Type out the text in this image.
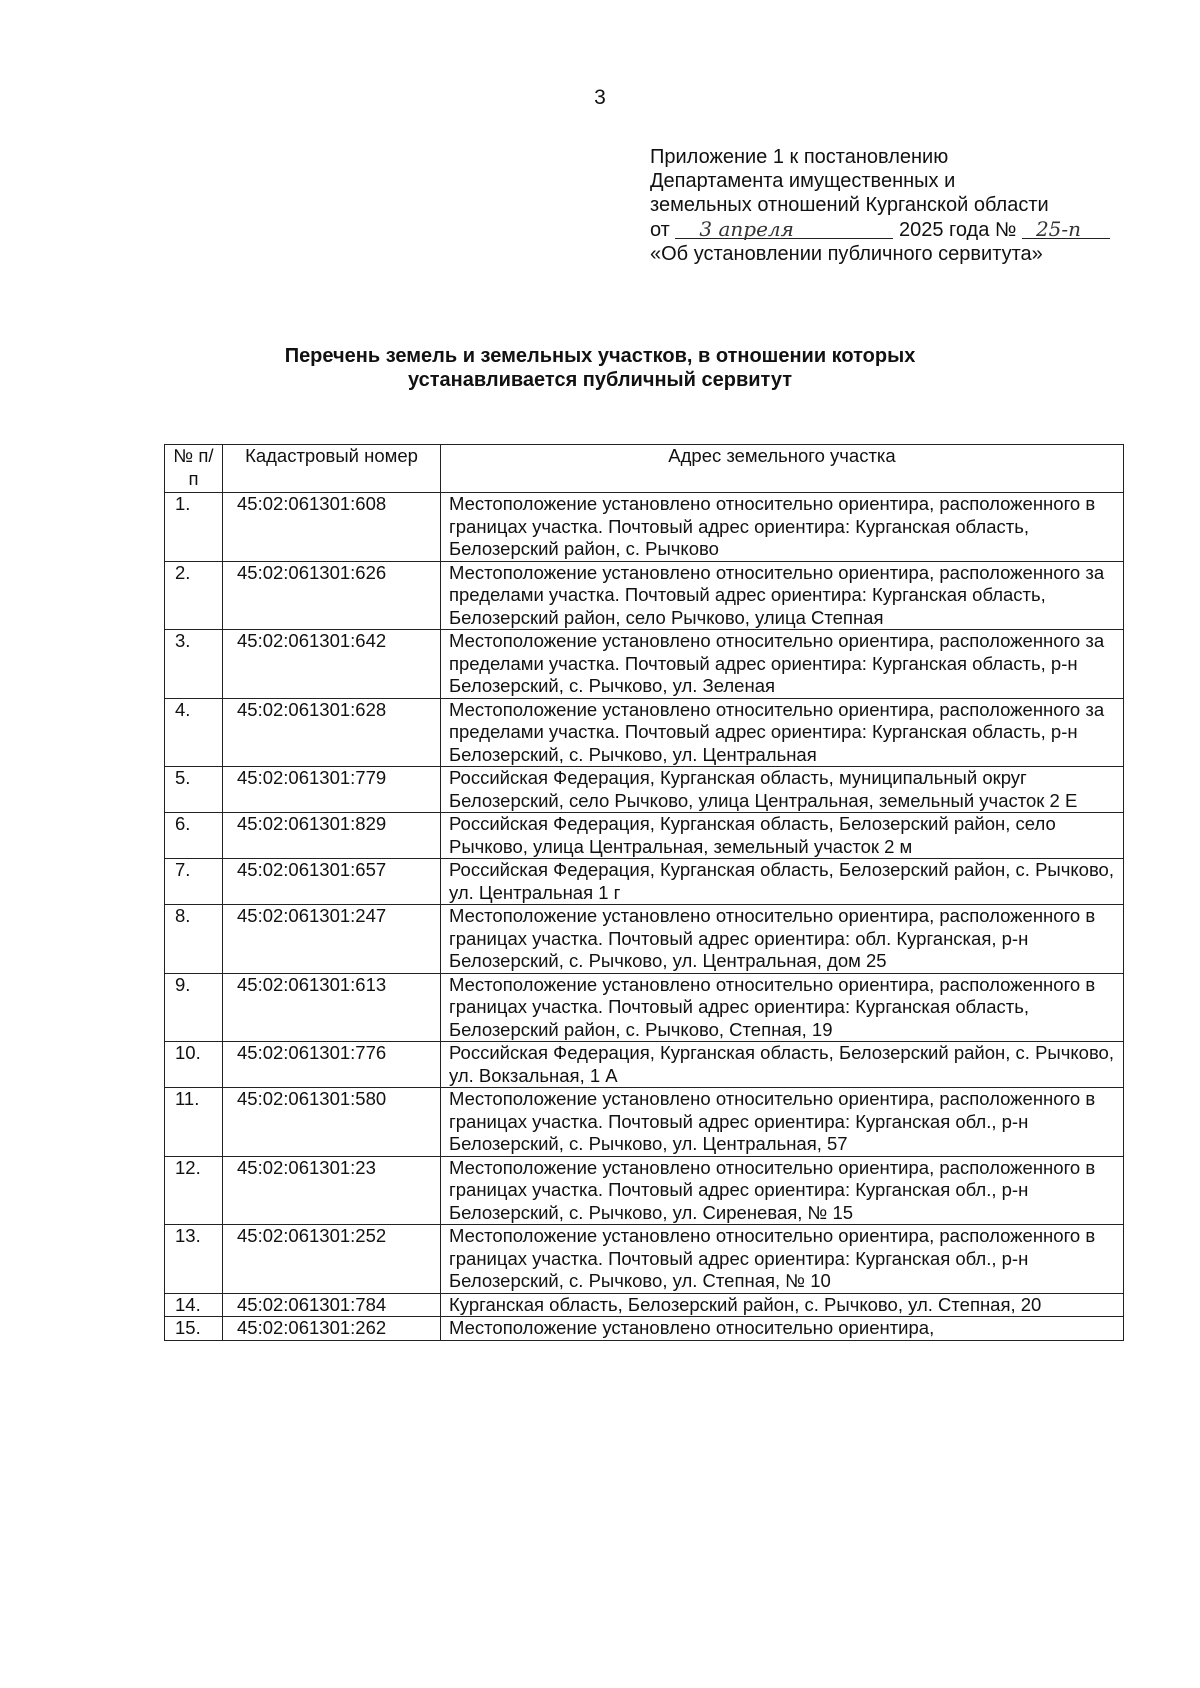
3
Приложение 1 к постановлению
Департамента имущественных и
земельных отношений Курганской области
от 3 апреля	2025 года № 25-п
«Об установлении публичного сервитута»
Перечень земель и земельных участков, в отношении которых
устанавливается публичный сервитут
№ п/п	Кадастровый номер	Адрес земельного участка
1.	45:02:061301:608	Местоположение установлено относительно ориентира, расположенного в границах участка. Почтовый адрес ориентира: Курганская область, Белозерский район, с. Рычково
2.	45:02:061301:626	Местоположение установлено относительно ориентира, расположенного за пределами участка. Почтовый адрес ориентира: Курганская область, Белозерский район, село Рычково, улица Степная
3.	45:02:061301:642	Местоположение установлено относительно ориентира, расположенного за пределами участка. Почтовый адрес ориентира: Курганская область, р-н Белозерский, с. Рычково, ул. Зеленая
4.	45:02:061301:628	Местоположение установлено относительно ориентира, расположенного за пределами участка. Почтовый адрес ориентира: Курганская область, р-н Белозерский, с. Рычково, ул. Центральная
5.	45:02:061301:779	Российская Федерация, Курганская область, муниципальный округ Белозерский, село Рычково, улица Центральная, земельный участок 2 Е
6.	45:02:061301:829	Российская Федерация, Курганская область, Белозерский район, село Рычково, улица Центральная, земельный участок 2 м
7.	45:02:061301:657	Российская Федерация, Курганская область, Белозерский район, с. Рычково, ул. Центральная 1 г
8.	45:02:061301:247	Местоположение установлено относительно ориентира, расположенного в границах участка. Почтовый адрес ориентира: обл. Курганская, р-н Белозерский, с. Рычково, ул. Центральная, дом 25
9.	45:02:061301:613	Местоположение установлено относительно ориентира, расположенного в границах участка. Почтовый адрес ориентира: Курганская область, Белозерский район, с. Рычково, Степная, 19
10.	45:02:061301:776	Российская Федерация, Курганская область, Белозерский район, с. Рычково, ул. Вокзальная, 1 А
11.	45:02:061301:580	Местоположение установлено относительно ориентира, расположенного в границах участка. Почтовый адрес ориентира: Курганская обл., р-н Белозерский, с. Рычково, ул. Центральная, 57
12.	45:02:061301:23	Местоположение установлено относительно ориентира, расположенного в границах участка. Почтовый адрес ориентира: Курганская обл., р-н Белозерский, с. Рычково, ул. Сиреневая, № 15
13.	45:02:061301:252	Местоположение установлено относительно ориентира, расположенного в границах участка. Почтовый адрес ориентира: Курганская обл., р-н Белозерский, с. Рычково, ул. Степная, № 10
14.	45:02:061301:784	Курганская область, Белозерский район, с. Рычково, ул. Степная, 20
15.	45:02:061301:262	Местоположение установлено относительно ориентира,
